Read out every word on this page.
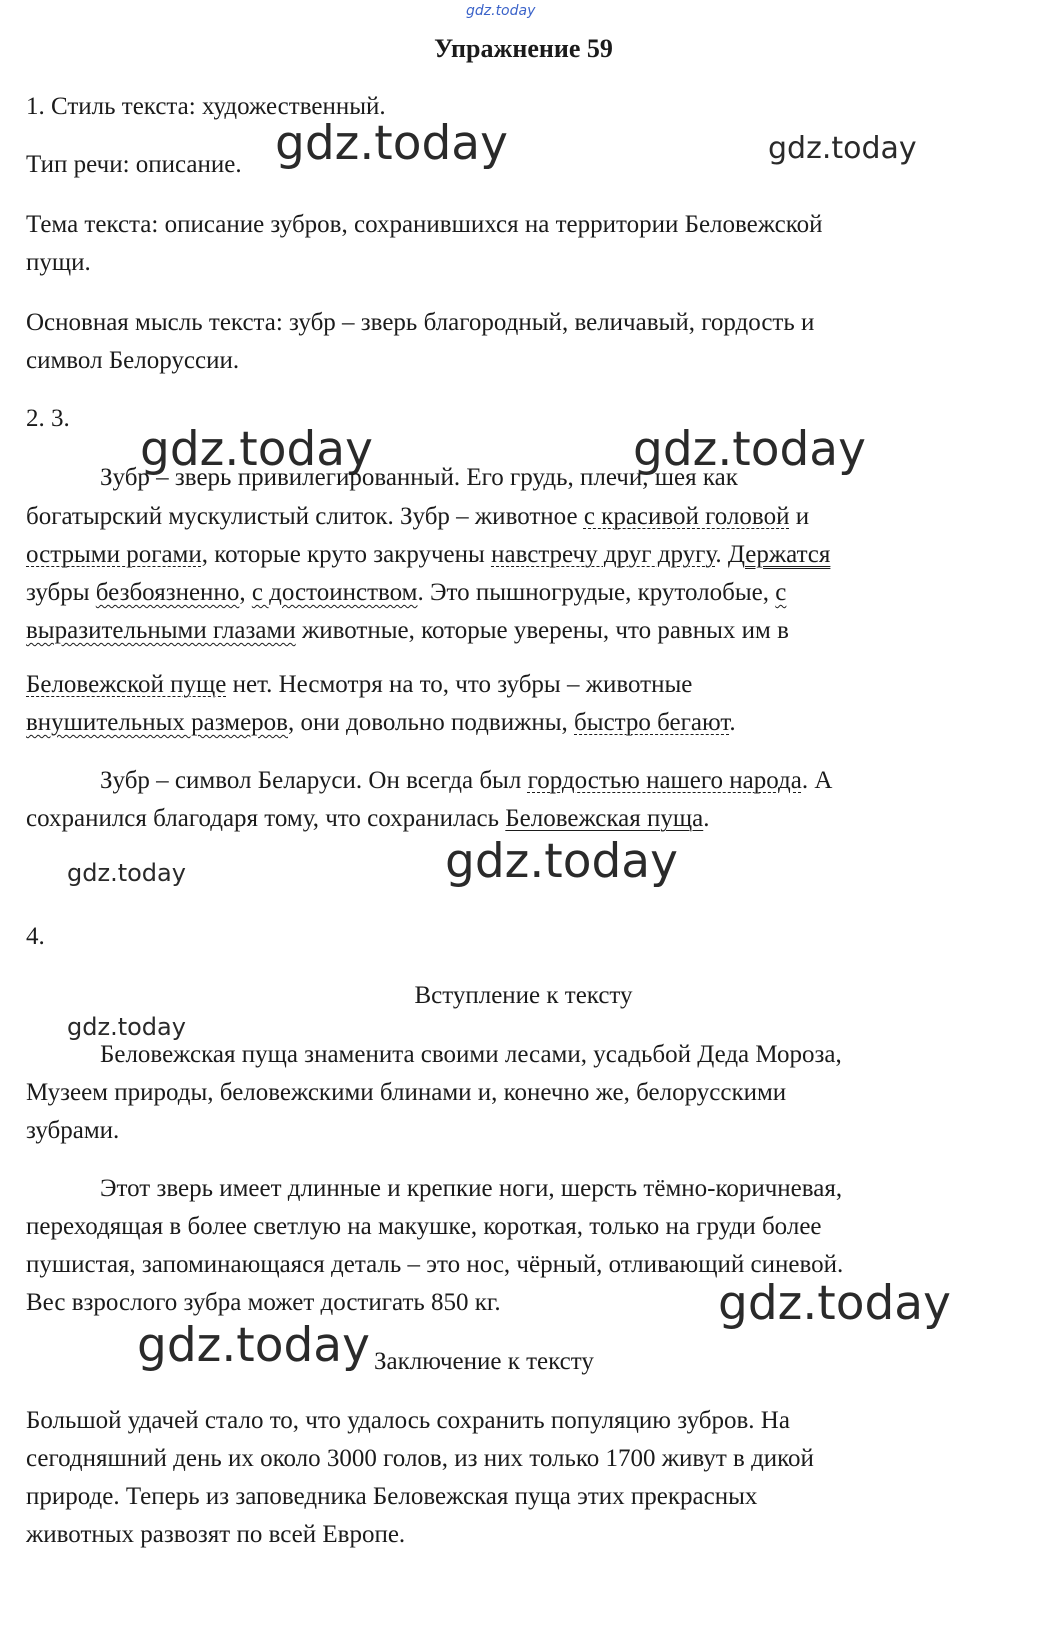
gdz.today
gdz.today	gdz.today
gdz.today	gdz.today
gdz.today
gdz.today
gdz.today
gdz.today
gdz.today

Упражнение 59

1. Стиль текста: художественный.

Тип речи: описание.

Тема текста: описание зубров, сохранившихся на территории Беловежской

пущи.

Основная мысль текста: зубр – зверь благородный, величавый, гордость и

символ Белоруссии.

2. 3.

Зубр – зверь привилегированный. Его грудь, плечи, шея как

богатырский мускулистый слиток. Зубр – животное с красивой головой и

острыми рогами, которые круто закручены навстречу друг другу. Держатся

зубры безбоязненно, с достоинством. Это пышногрудые, крутолобые, с

выразительными глазами животные, которые уверены, что равных им в

Беловежской пуще нет. Несмотря на то, что зубры – животные

внушительных размеров, они довольно подвижны, быстро бегают.

Зубр – символ Беларуси. Он всегда был гордостью нашего народа. А

сохранился благодаря тому, что сохранилась Беловежская пуща.

4.

Вступление к тексту

Беловежская пуща знаменита своими лесами, усадьбой Деда Мороза,

Музеем природы, беловежскими блинами и, конечно же, белорусскими

зубрами.

Этот зверь имеет длинные и крепкие ноги, шерсть тёмно-коричневая,

переходящая в более светлую на макушке, короткая, только на груди более

пушистая, запоминающаяся деталь – это нос, чёрный, отливающий синевой.

Вес взрослого зубра может достигать 850 кг.

Заключение к тексту

Большой удачей стало то, что удалось сохранить популяцию зубров. На

сегодняшний день их около 3000 голов, из них только 1700 живут в дикой

природе. Теперь из заповедника Беловежская пуща этих прекрасных

животных развозят по всей Европе.

gdz.today
